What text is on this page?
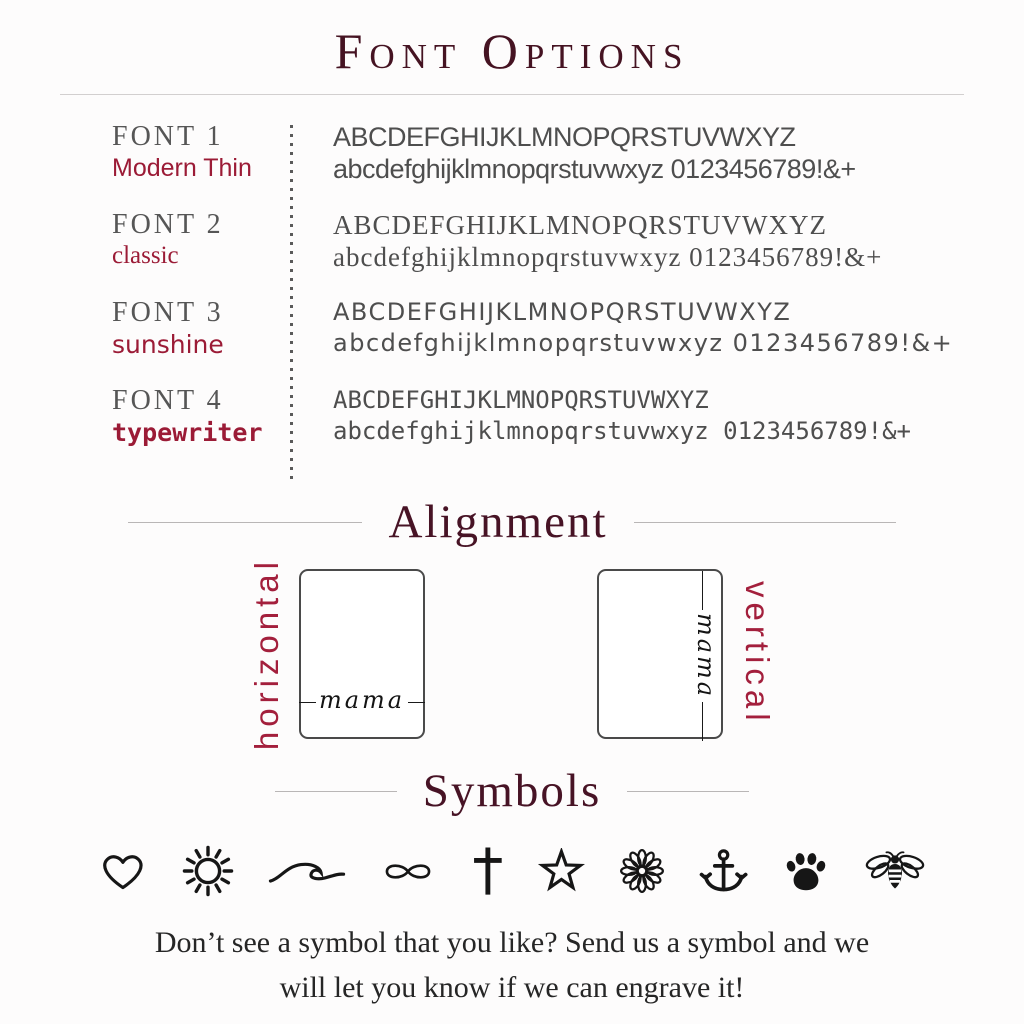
Font Options
FONT 1
Modern Thin
FONT 2
classic
FONT 3
sunshine
FONT 4
typewriter
ABCDEFGHIJKLMNOPQRSTUVWXYZ
abcdefghijklmnopqrstuvwxyz 0123456789!&+
ABCDEFGHIJKLMNOPQRSTUVWXYZ
abcdefghijklmnopqrstuvwxyz 0123456789!&+
ABCDEFGHIJKLMNOPQRSTUVWXYZ
abcdefghijklmnopqrstuvwxyz 0123456789!&+
ABCDEFGHIJKLMNOPQRSTUVWXYZ
abcdefghijklmnopqrstuvwxyz 0123456789!&+
Alignment
horizontal mama
mama vertical
Symbols
Don’t see a symbol that you like? Send us a symbol and we
will let you know if we can engrave it!
